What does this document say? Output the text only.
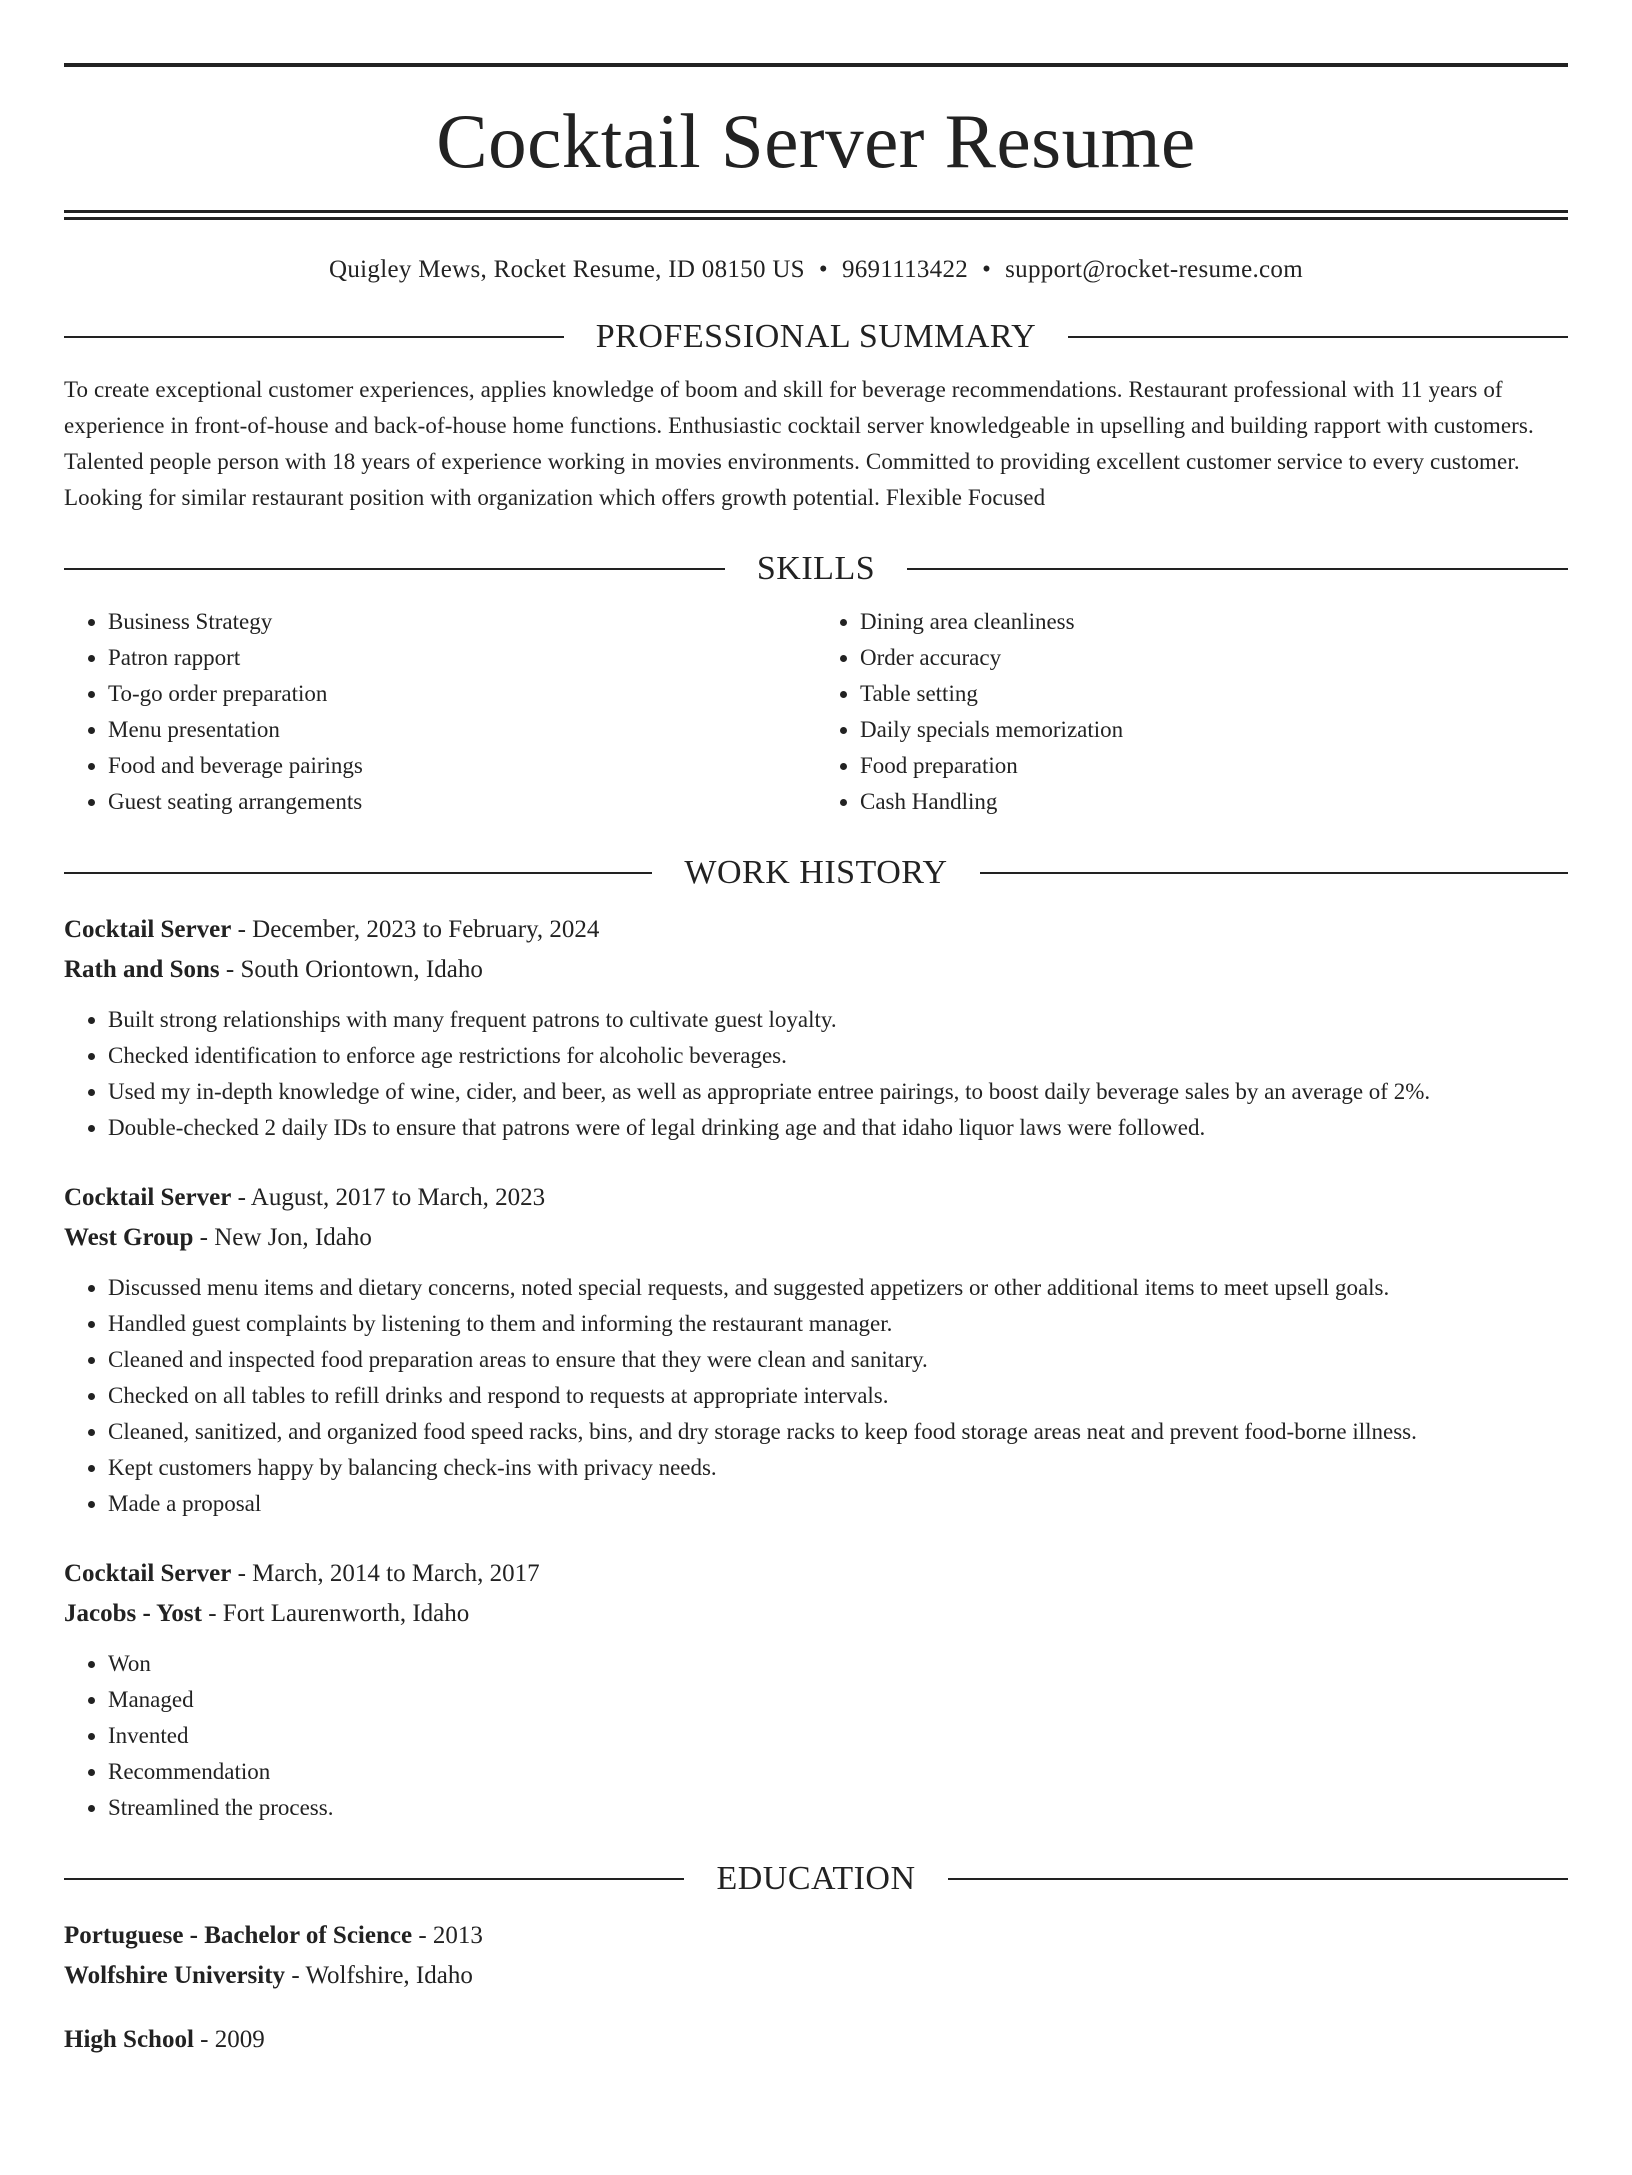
Cocktail Server Resume
Quigley Mews, Rocket Resume, ID 08150 US • 9691113422 • support@rocket-resume.com
PROFESSIONAL SUMMARY
To create exceptional customer experiences, applies knowledge of boom and skill for beverage recommendations. Restaurant professional with 11 years of experience in front-of-house and back-of-house home functions. Enthusiastic cocktail server knowledgeable in upselling and building rapport with customers. Talented people person with 18 years of experience working in movies environments. Committed to providing excellent customer service to every customer. Looking for similar restaurant position with organization which offers growth potential. Flexible Focused
SKILLS
• Business Strategy
• Patron rapport
• To-go order preparation
• Menu presentation
• Food and beverage pairings
• Guest seating arrangements
• Dining area cleanliness
• Order accuracy
• Table setting
• Daily specials memorization
• Food preparation
• Cash Handling
WORK HISTORY
Cocktail Server - December, 2023 to February, 2024
Rath and Sons - South Oriontown, Idaho
• Built strong relationships with many frequent patrons to cultivate guest loyalty.
• Checked identification to enforce age restrictions for alcoholic beverages.
• Used my in-depth knowledge of wine, cider, and beer, as well as appropriate entree pairings, to boost daily beverage sales by an average of 2%.
• Double-checked 2 daily IDs to ensure that patrons were of legal drinking age and that idaho liquor laws were followed.
Cocktail Server - August, 2017 to March, 2023
West Group - New Jon, Idaho
• Discussed menu items and dietary concerns, noted special requests, and suggested appetizers or other additional items to meet upsell goals.
• Handled guest complaints by listening to them and informing the restaurant manager.
• Cleaned and inspected food preparation areas to ensure that they were clean and sanitary.
• Checked on all tables to refill drinks and respond to requests at appropriate intervals.
• Cleaned, sanitized, and organized food speed racks, bins, and dry storage racks to keep food storage areas neat and prevent food-borne illness.
• Kept customers happy by balancing check-ins with privacy needs.
• Made a proposal
Cocktail Server - March, 2014 to March, 2017
Jacobs - Yost - Fort Laurenworth, Idaho
• Won
• Managed
• Invented
• Recommendation
• Streamlined the process.
EDUCATION
Portuguese - Bachelor of Science - 2013
Wolfshire University - Wolfshire, Idaho
High School - 2009
